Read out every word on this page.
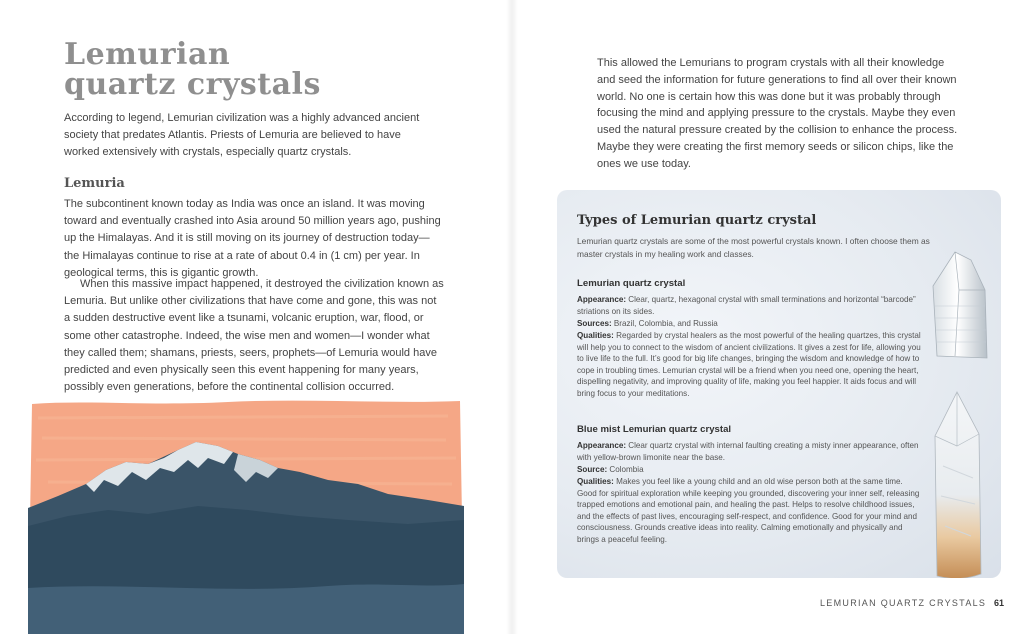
Lemurian
quartz crystals

According to legend, Lemurian civilization was a highly advanced ancient society that predates Atlantis. Priests of Lemuria are believed to have worked extensively with crystals, especially quartz crystals.

Lemuria

The subcontinent known today as India was once an island. It was moving toward and eventually crashed into Asia around 50 million years ago, pushing up the Himalayas. And it is still moving on its journey of destruction today—the Himalayas continue to rise at a rate of about 0.4 in (1 cm) per year. In geological terms, this is gigantic growth.

When this massive impact happened, it destroyed the civilization known as Lemuria. But unlike other civilizations that have come and gone, this was not a sudden destructive event like a tsunami, volcanic eruption, war, flood, or some other catastrophe. Indeed, the wise men and women—I wonder what they called them; shamans, priests, seers, prophets—of Lemuria would have predicted and even physically seen this event happening for many years, possibly even generations, before the continental collision occurred.

This allowed the Lemurians to program crystals with all their knowledge and seed the information for future generations to find all over their known world. No one is certain how this was done but it was probably through focusing the mind and applying pressure to the crystals. Maybe they even used the natural pressure created by the collision to enhance the process. Maybe they were creating the first memory seeds or silicon chips, like the ones we use today.

Types of Lemurian quartz crystal

Lemurian quartz crystals are some of the most powerful crystals known. I often choose them as master crystals in my healing work and classes.

Lemurian quartz crystal

Appearance: Clear, quartz, hexagonal crystal with small terminations and horizontal “barcode” striations on its sides.

Sources: Brazil, Colombia, and Russia

Qualities: Regarded by crystal healers as the most powerful of the healing quartzes, this crystal will help you to connect to the wisdom of ancient civilizations. It gives a zest for life, allowing you to live life to the full. It’s good for big life changes, bringing the wisdom and knowledge of how to cope in troubling times. Lemurian crystal will be a friend when you need one, opening the heart, dispelling negativity, and improving quality of life, making you feel happier. It aids focus and will bring focus to your meditations.

Blue mist Lemurian quartz crystal

Appearance: Clear quartz crystal with internal faulting creating a misty inner appearance, often with yellow-brown limonite near the base.

Source: Colombia

Qualities: Makes you feel like a young child and an old wise person both at the same time. Good for spiritual exploration while keeping you grounded, discovering your inner self, releasing trapped emotions and emotional pain, and healing the past. Helps to resolve childhood issues, and the effects of past lives, encouraging self-respect, and confidence. Good for your mind and consciousness. Grounds creative ideas into reality. Calming emotionally and physically and brings a peaceful feeling.

LEMURIAN QUARTZ CRYSTALS 61
